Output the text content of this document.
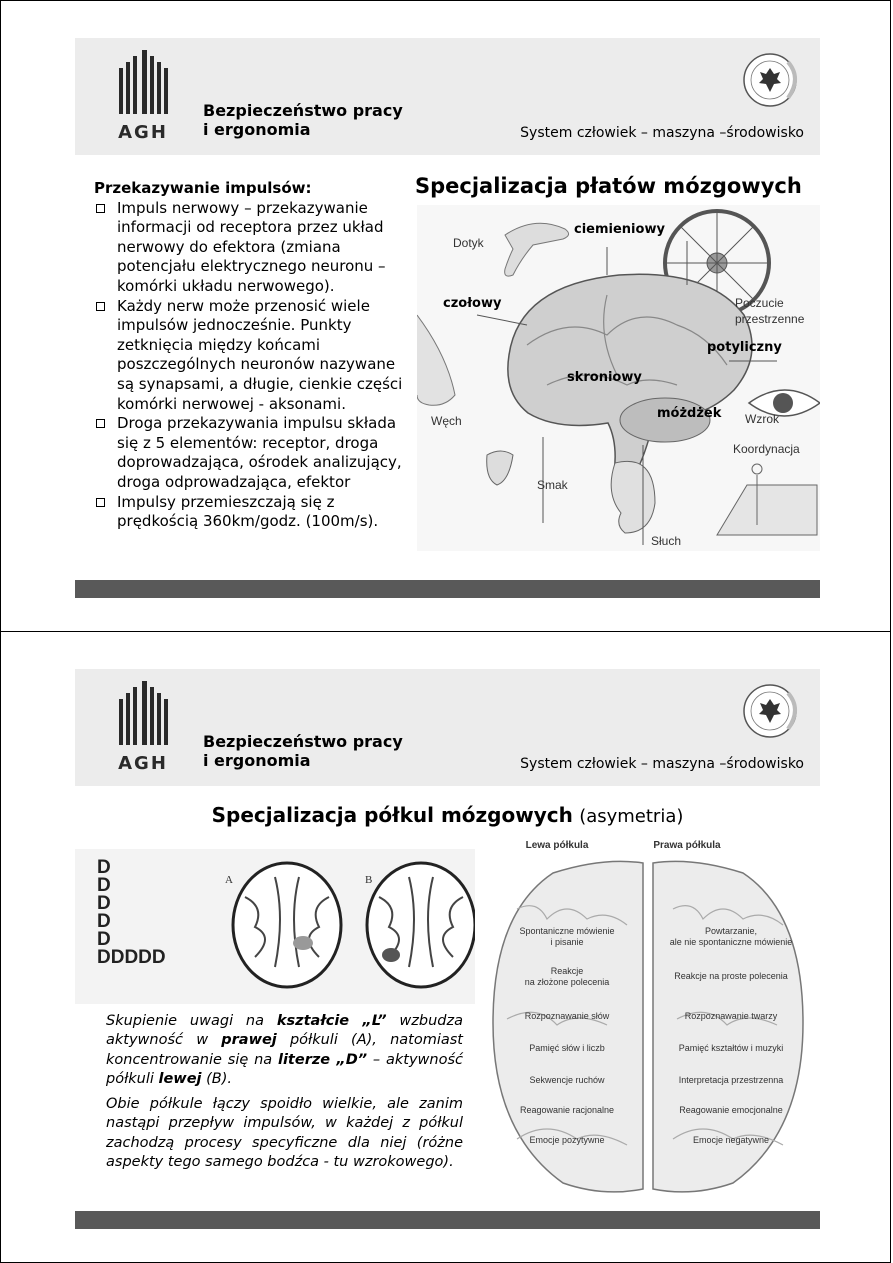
AGH
Bezpieczeństwo pracy
i ergonomia	System człowiek – maszyna –środowisko
Przekazywanie impulsów:
Impuls nerwowy – przekazywanie informacji od receptora przez układ nerwowy do efektora (zmiana potencjału elektrycznego neuronu – komórki układu nerwowego).
Każdy nerw może przenosić wiele impulsów jednocześnie. Punkty zetknięcia między końcami poszczególnych neuronów nazywane są synapsami, a długie, cienkie części komórki nerwowej - aksonami.
Droga przekazywania impulsu składa się z 5 elementów: receptor, droga doprowadzająca, ośrodek analizujący, droga odprowadzająca, efektor
Impulsy przemieszczają się z prędkością 360km/godz. (100m/s).
Specjalizacja płatów mózgowych
ciemieniowy
czołowy
potyliczny
skroniowy
móżdżek
Dotyk
Poczucie
przestrzenne
Węch	Wzrok
Koordynacja
Smak
Słuch
AGH
Bezpieczeństwo pracy
i ergonomia	System człowiek – maszyna –środowisko
Specjalizacja półkul mózgowych (asymetria)
D
D
D
D
D
DDDDD
A	B
Skupienie uwagi na kształcie „L” wzbudza aktywność w prawej półkuli (A), natomiast koncentrowanie się na literze „D” – aktywność półkuli lewej (B).
Obie półkule łączy spoidło wielkie, ale zanim nastąpi przepływ impulsów, w każdej z półkul zachodzą procesy specyficzne dla niej (różne aspekty tego samego bodźca - tu wzrokowego).
Lewa półkula	Prawa półkula
Spontaniczne mówienie i pisanie
Reakcje na złożone polecenia
Rozpoznawanie słów
Pamięć słów i liczb
Sekwencje ruchów
Reagowanie racjonalne
Emocje pozytywne
Powtarzanie, ale nie spontaniczne mówienie
Reakcje na proste polecenia
Rozpoznawanie twarzy
Pamięć kształtów i muzyki
Interpretacja przestrzenna
Reagowanie emocjonalne
Emocje negatywne
